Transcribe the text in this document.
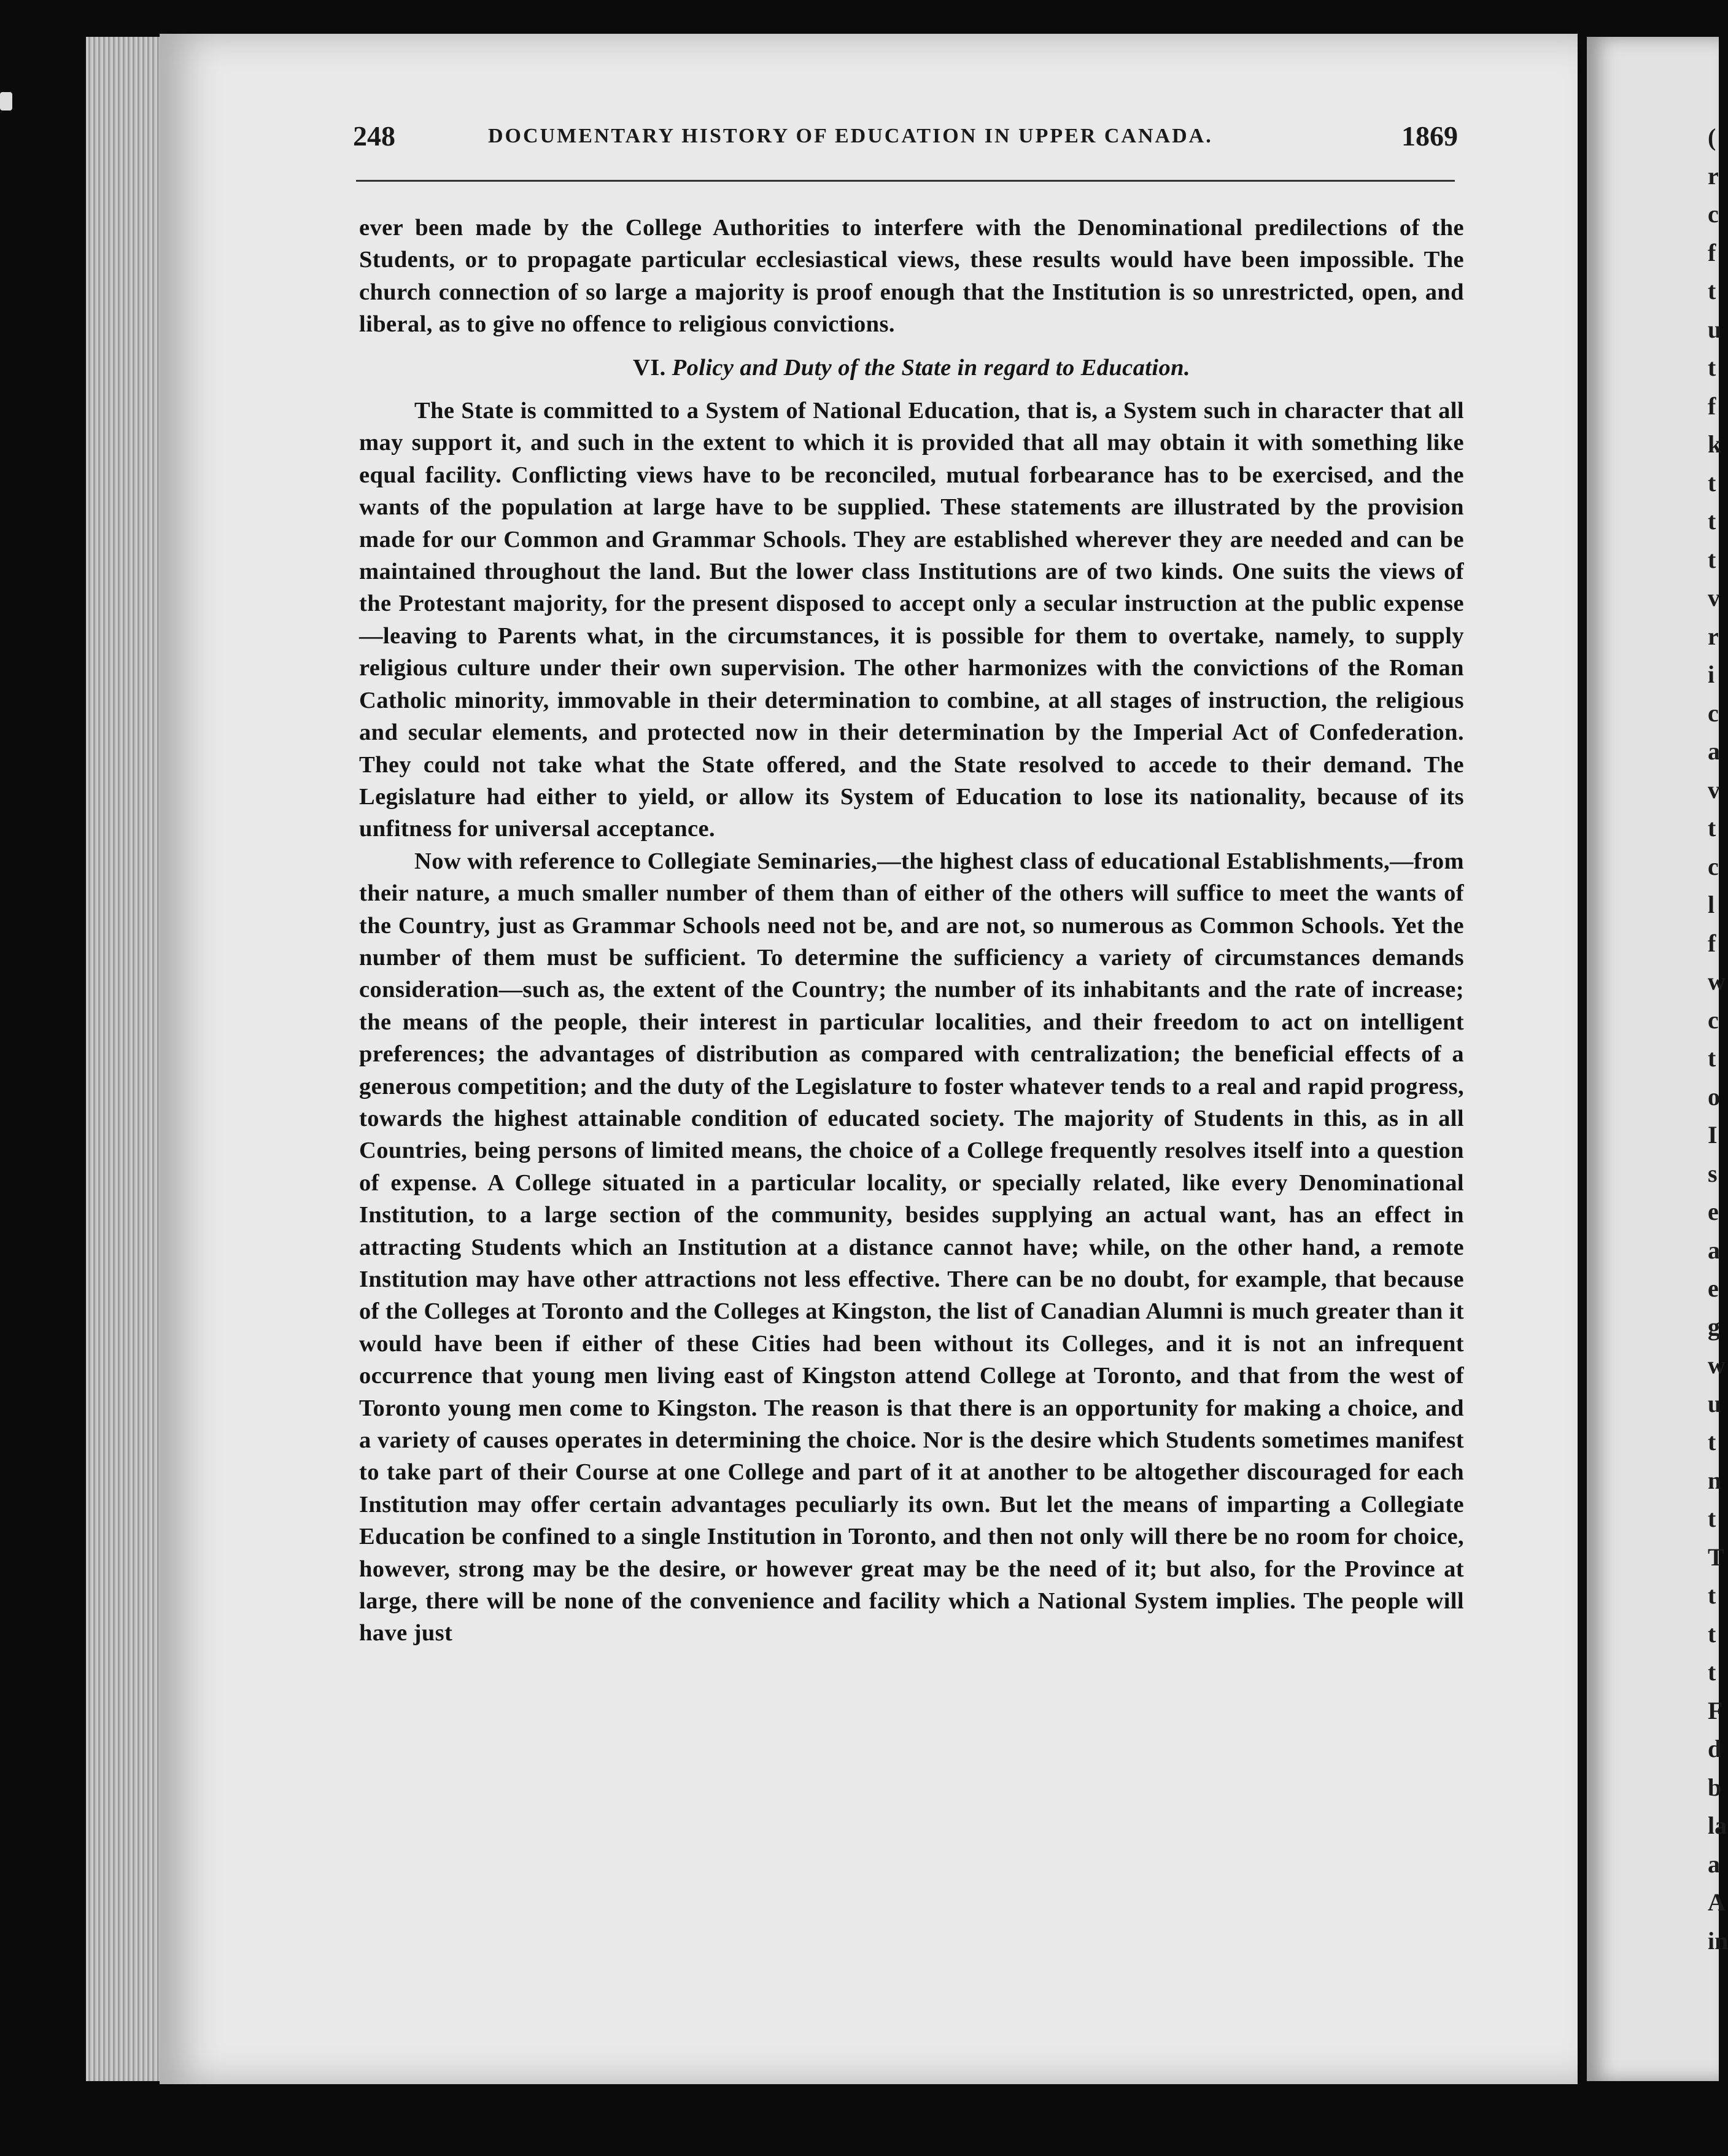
(
r
c
f
t
u
t
f
k
t
t
t
v
r
i
c
a
v
t
c
l
f
w
c
t
o
I
s
e
a
e
g
w
u
t
n
t
T
t
t
t
F
d
b
la
a
A
in
248	DOCUMENTARY HISTORY OF EDUCATION IN UPPER CANADA.	1869

ever been made by the College Authorities to interfere with the Denominational predilections of the Students, or to propagate particular ecclesiastical views, these results would have been impossible. The church connection of so large a majority is proof enough that the Institution is so unrestricted, open, and liberal, as to give no offence to religious convictions.

VI. Policy and Duty of the State in regard to Education.

The State is committed to a System of National Education, that is, a System such in character that all may support it, and such in the extent to which it is provided that all may obtain it with something like equal facility. Conflicting views have to be reconciled, mutual forbearance has to be exercised, and the wants of the population at large have to be supplied. These statements are illustrated by the provision made for our Common and Grammar Schools. They are established wherever they are needed and can be maintained throughout the land. But the lower class Institutions are of two kinds. One suits the views of the Protestant majority, for the present disposed to accept only a secular instruction at the public expense—leaving to Parents what, in the circumstances, it is possible for them to overtake, namely, to supply religious culture under their own supervision. The other harmonizes with the convictions of the Roman Catholic minority, immovable in their determination to combine, at all stages of instruction, the religious and secular elements, and protected now in their determination by the Imperial Act of Confederation. They could not take what the State offered, and the State resolved to accede to their demand. The Legislature had either to yield, or allow its System of Education to lose its nationality, because of its unfitness for universal acceptance.

Now with reference to Collegiate Seminaries,—the highest class of educational Establishments,—from their nature, a much smaller number of them than of either of the others will suffice to meet the wants of the Country, just as Grammar Schools need not be, and are not, so numerous as Common Schools. Yet the number of them must be sufficient. To determine the sufficiency a variety of circumstances demands consideration—such as, the extent of the Country; the number of its inhabitants and the rate of increase; the means of the people, their interest in particular localities, and their freedom to act on intelligent preferences; the advantages of distribution as compared with centralization; the beneficial effects of a generous competition; and the duty of the Legislature to foster whatever tends to a real and rapid progress, towards the highest attainable condition of educated society. The majority of Students in this, as in all Countries, being persons of limited means, the choice of a College frequently resolves itself into a question of expense. A College situated in a particular locality, or specially related, like every Denominational Institution, to a large section of the community, besides supplying an actual want, has an effect in attracting Students which an Institution at a distance cannot have; while, on the other hand, a remote Institution may have other attractions not less effective. There can be no doubt, for example, that because of the Colleges at Toronto and the Colleges at Kingston, the list of Canadian Alumni is much greater than it would have been if either of these Cities had been without its Colleges, and it is not an infrequent occurrence that young men living east of Kingston attend College at Toronto, and that from the west of Toronto young men come to Kingston. The reason is that there is an opportunity for making a choice, and a variety of causes operates in determining the choice. Nor is the desire which Students sometimes manifest to take part of their Course at one College and part of it at another to be altogether discouraged for each Institution may offer certain advantages peculiarly its own. But let the means of imparting a Collegiate Education be confined to a single Institution in Toronto, and then not only will there be no room for choice, however, strong may be the desire, or however great may be the need of it; but also, for the Province at large, there will be none of the convenience and facility which a National System implies. The people will have just
